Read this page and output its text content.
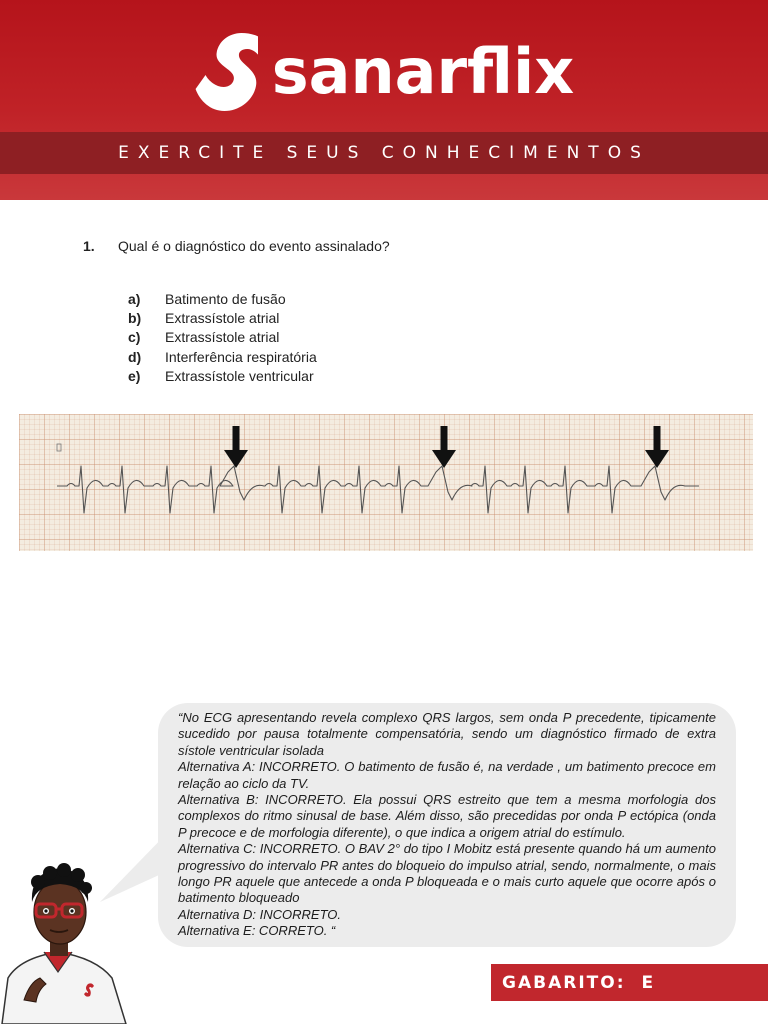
sanarflix
EXERCITE SEUS CONHECIMENTOS
1. Qual é o diagnóstico do evento assinalado?
a) Batimento de fusão
b) Extrassístole atrial
c) Extrassístole atrial
d) Interferência respiratória
e) Extrassístole ventricular

“No ECG apresentando revela complexo QRS largos, sem onda P precedente, tipicamente sucedido por pausa totalmente compensatória, sendo um diagnóstico firmado de extra sístole ventricular isolada

Alternativa A: INCORRETO. O batimento de fusão é, na verdade , um batimento precoce em relação ao ciclo da TV.

Alternativa B: INCORRETO. Ela possui QRS estreito que tem a mesma morfologia dos complexos do ritmo sinusal de base. Além disso, são precedidas por onda P ectópica (onda P precoce e de morfologia diferente), o que indica a origem atrial do estímulo.

Alternativa C: INCORRETO. O BAV 2° do tipo I Mobitz está presente quando há um aumento progressivo do intervalo PR antes do bloqueio do impulso atrial, sendo, normalmente, o mais longo PR aquele que antecede a onda P bloqueada e o mais curto aquele que ocorre após o batimento bloqueado

Alternativa D: INCORRETO.

Alternativa E: CORRETO. “

GABARITO: E
